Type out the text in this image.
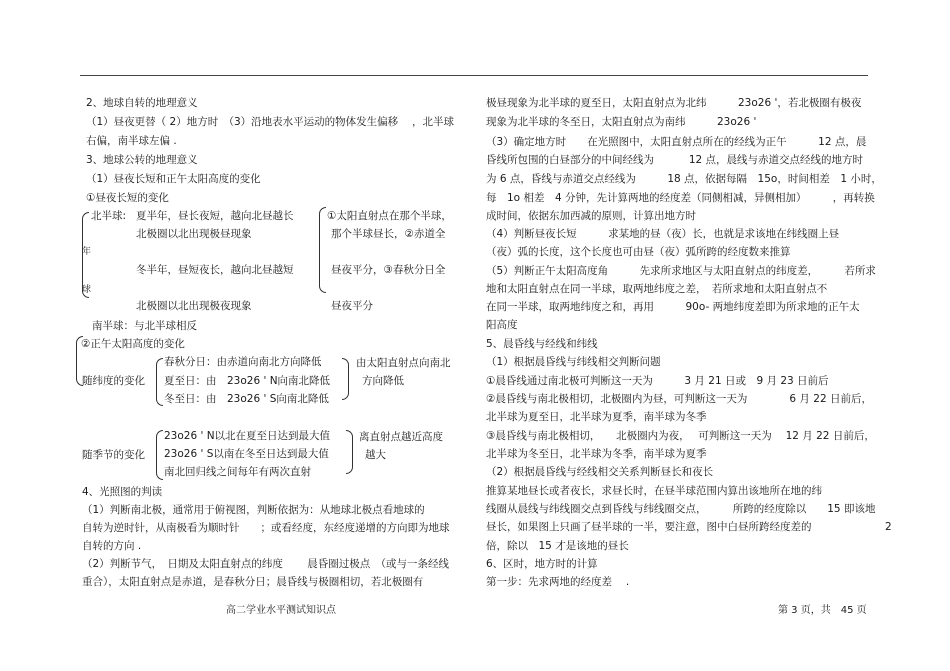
2、地球自转的地理意义
（1）昼夜更替（ 2）地方时　（3）沿地表水平运动的物体发生偏移　 ，北半球
右偏，南半球左偏 .
3、地球公转的地理意义
（1）昼夜长短和正午太阳高度的变化
①昼夜长短的变化
北半球: 夏半年，昼长夜短，越向北昼越长
北极圈以北出现极昼现象
年
冬半年，昼短夜长，越向北昼越短
球
北极圈以北出现极夜现象
①太阳直射点在那个半球，
那个半球昼长，②赤道全
昼夜平分，③春秋分日全
昼夜平分
南半球：与北半球相反
②正午太阳高度的变化
随纬度的变化
春秋分日：由赤道向南北方向降低
夏至日：由　23o26 ' N向南北降低
冬至日：由　23o26 ' S向南北降低
由太阳直射点向南北
方向降低
随季节的变化
23o26 ' N以北在夏至日达到最大值
23o26 ' S以南在冬至日达到最大值
南北回归线之间每年有两次直射
离直射点越近高度
越大
4、光照图的判读
（1）判断南北极，通常用于俯视图，判断依据为：从地球北极点看地球的
自转为逆时针，从南极看为顺时针　　；或看经度，东经度递增的方向即为地球
自转的方向 .
（2）判断节气，　日期及太阳直射点的纬度　　 晨昏圈过极点　（或与一条经线
重合），太阳直射点是赤道，是春秋分日；晨昏线与极圈相切，若北极圈有
极昼现象为北半球的夏至日，太阳直射点为北纬　　　23o26 '，若北极圈有极夜
现象为北半球的冬至日，太阳直射点为南纬　　　23o26 '
（3）确定地方时　　在光照图中，太阳直射点所在的经线为正午　　　12 点，晨
昏线所包围的白昼部分的中间经线为　　　 12 点，晨线与赤道交点经线的地方时
为 6 点，昏线与赤道交点经线为　　　18 点，依据每隔　15o，时间相差　1 小时，
每　1o 相差　4 分钟，先计算两地的经度差（同侧相减，异侧相加）　　　，再转换
成时间，依据东加西减的原则，计算出地方时
（4）判断昼夜长短　　　求某地的昼（夜）长，也就是求该地在纬线圈上昼
（夜）弧的长度，这个长度也可由昼（夜）弧所跨的经度数来推算
（5）判断正午太阳高度角　　　先求所求地区与太阳直射点的纬度差，　　　若所求
地和太阳直射点在同一半球，取两地纬度之差，　若所求地和太阳直射点不
在同一半球，取两地纬度之和，再用　　　90o- 两地纬度差即为所求地的正午太
阳高度
5、晨昏线与经线和纬线
（1）根据晨昏线与纬线相交判断问题
①晨昏线通过南北极可判断这一天为　　　3 月 21 日或　9 月 23 日前后
②晨昏线与南北极相切，北极圈内为昼，可判断这一天为　　　　6 月 22 日前后，
北半球为夏至日，北半球为夏季，南半球为冬季
③晨昏线与南北极相切，　　北极圈内为夜，　 可判断这一天为　 12 月 22 日前后，
北半球为冬至日，北半球为冬季，南半球为夏季
（2）根据晨昏线与经线相交关系判断昼长和夜长
推算某地昼长或者夜长，求昼长时，在昼半球范围内算出该地所在地的纬
线圈从晨线与纬线圈交点到昏线与纬线圈交点，　　　所跨的经度除以　　15 即该地
昼长，如果图上只画了昼半球的一半，要注意，图中白昼所跨经度差的　　　　　　　2
倍，除以　15 才是该地的昼长
6、区时，地方时的计算
第一步：先求两地的经度差　 .
高二学业水平测试知识点	第 3 页，共　45 页
